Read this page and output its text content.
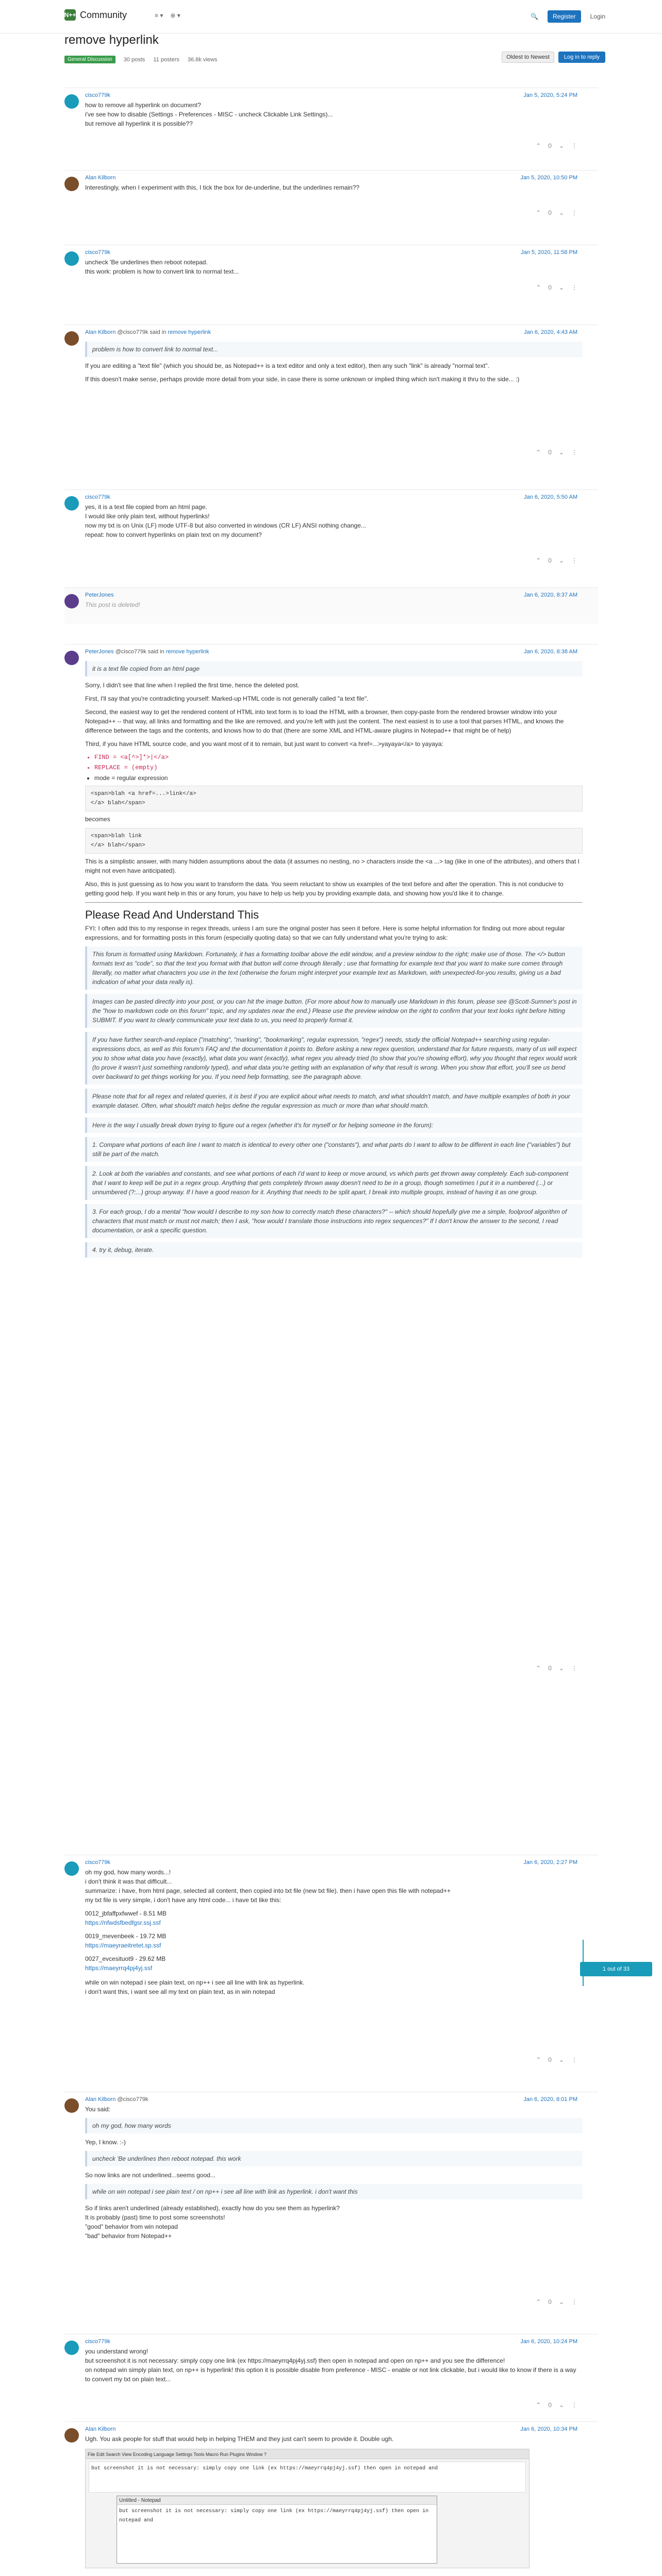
N++ Community	≡ ▾ ⊕ ▾	🔍	Register	Login
remove hyperlink
General Discussion	30 posts 11 posters 36.8k views	Oldest to Newest	Log in to reply
cisco779k	Jan 5, 2020, 5:24 PM
how to remove all hyperlink on document?
i've see how to disable (Settings - Preferences - MISC - uncheck Clickable Link Settings)...
but remove all hyperlink it is possible??
⌃ 0 ⌄ ⋮
Alan Kilborn	Jan 5, 2020, 10:50 PM
Interestingly, when I experiment with this, I tick the box for de-underline, but the underlines remain??
⌃ 0 ⌄ ⋮
cisco779k	Jan 5, 2020, 11:58 PM
uncheck 'Be underlines then reboot notepad.
this work: problem is how to convert link to normal text...
⌃ 0 ⌄ ⋮
Alan Kilborn @cisco779k said in remove hyperlink	Jan 6, 2020, 4:43 AM
problem is how to convert link to normal text...

If you are editing a "text file" (which you should be, as Notepad++ is a text editor and only a text editor), then any such "link" is already "normal text".

If this doesn't make sense, perhaps provide more detail from your side, in case there is some unknown or implied thing which isn't making it thru to the side... :)

⌃ 0 ⌄ ⋮
cisco779k	Jan 6, 2020, 5:50 AM
yes, it is a text file copied from an html page.
I would like only plain text, without hyperlinks!
now my txt is on Unix (LF) mode UTF-8 but also converted in windows (CR LF) ANSI nothing change...
repeat: how to convert hyperlinks on plain text on my document?
⌃ 0 ⌄ ⋮
PeterJones	Jan 6, 2020, 8:37 AM
This post is deleted!
PeterJones @cisco779k said in remove hyperlink	Jan 6, 2020, 8:38 AM
it is a text file copied from an html page

Sorry, I didn't see that line when I replied the first time, hence the deleted post.

First, I'll say that you're contradicting yourself: Marked-up HTML code is not generally called "a text file".

Second, the easiest way to get the rendered content of HTML into text form is to load the HTML with a browser, then copy-paste from the rendered browser window into your Notepad++ -- that way, all links and formatting and the like are removed, and you're left with just the content. The next easiest is to use a tool that parses HTML, and knows the difference between the tags and the contents, and knows how to do that (there are some XML and HTML-aware plugins in Notepad++ that might be of help)

Third, if you have HTML source code, and you want most of it to remain, but just want to convert <a href=...>yayaya</a> to yayaya:

• FIND = <a[^>]*>|</a>
• REPLACE = (empty)
• mode = regular expression
<span>blah <a href=...>link</a>
</a> blah</span>

becomes

<span>blah link
</a> blah</span>

This is a simplistic answer, with many hidden assumptions about the data (it assumes no nesting, no > characters inside the <a ...> tag (like in one of the attributes), and others that I might not even have anticipated).

Also, this is just guessing as to how you want to transform the data. You seem reluctant to show us examples of the text before and after the operation. This is not conducive to getting good help. If you want help in this or any forum, you have to help us help you by providing example data, and showing how you'd like it to change.

Please Read And Understand This

FYI: I often add this to my response in regex threads, unless I am sure the original poster has seen it before. Here is some helpful information for finding out more about regular expressions, and for formatting posts in this forum (especially quoting data) so that we can fully understand what you're trying to ask:

This forum is formatted using Markdown. Fortunately, it has a formatting toolbar above the edit window, and a preview window to the right; make use of those. The </> button formats text as "code", so that the text you format with that button will come through literally ; use that formatting for example text that you want to make sure comes through literally, no matter what characters you use in the text (otherwise the forum might interpret your example text as Markdown, with unexpected-for-you results, giving us a bad indication of what your data really is).
Images can be pasted directly into your post, or you can hit the image button. (For more about how to manually use Markdown in this forum, please see @Scott-Sumner's post in the "how to markdown code on this forum" topic, and my updates near the end.) Please use the preview window on the right to confirm that your text looks right before hitting SUBMIT. If you want to clearly communicate your text data to us, you need to properly format it.
If you have further search-and-replace ("matching", "marking", "bookmarking", regular expression, "regex") needs, study the official Notepad++ searching using regular-expressions docs, as well as this forum's FAQ and the documentation it points to. Before asking a new regex question, understand that for future requests, many of us will expect you to show what data you have (exactly), what data you want (exactly), what regex you already tried (to show that you're showing effort), why you thought that regex would work (to prove it wasn't just something randomly typed), and what data you're getting with an explanation of why that result is wrong. When you show that effort, you'll see us bend over backward to get things working for you. If you need help formatting, see the paragraph above.
Please note that for all regex and related queries, it is best if you are explicit about what needs to match, and what shouldn't match, and have multiple examples of both in your example dataset. Often, what should't match helps define the regular expression as much or more than what should match.
Here is the way I usually break down trying to figure out a regex (whether it's for myself or for helping someone in the forum):
1. Compare what portions of each line I want to match is identical to every other one ("constants"), and what parts do I want to allow to be different in each line ("variables") but still be part of the match.
2. Look at both the variables and constants, and see what portions of each I'd want to keep or move around, vs which parts get thrown away completely. Each sub-component that I want to keep will be put in a regex group. Anything that gets completely thrown away doesn't need to be in a group, though sometimes I put it in a numbered (...) or unnumbered (?:...) group anyway. If I have a good reason for it. Anything that needs to be split apart, I break into multiple groups, instead of having it as one group.
3. For each group, I do a mental "how would I describe to my son how to correctly match these characters?" -- which should hopefully give me a simple, foolproof algorithm of characters that must match or must not match; then I ask, "how would I translate those instructions into regex sequences?" If I don't know the answer to the second, I read documentation, or ask a specific question.
4. try it, debug, iterate.
⌃ 0 ⌄ ⋮
cisco779k	Jan 6, 2020, 2:27 PM
oh my god, how many words...!
i don't think it was that difficult...
summarize: i have, from html page, selected all content, then copied into txt file (new txt file). then i have open this file with notepad++
my txt file is very simple, i don't have any html code... i have txt like this:
0012_jbfaffpxfwwef - 8.51 MB
https://nfwdsfbedfgsr.ssj.ssf
0019_mevenbeek - 19.72 MB
https://maeyraeitretet.sp.ssf
0027_evcesituot9 - 29.62 MB
https://maeyrrq4pj4yj.ssf
while on win notepad i see plain text, on np++ i see all line with link as hyperlink.
i don't want this, i want see all my text on plain text, as in win notepad
⌃ 0 ⌄ ⋮
1 out of 33
Alan Kilborn @cisco779k	Jan 6, 2020, 8:01 PM

You said:

oh my god, how many words

Yep, I know. :-)

uncheck 'Be underlines then reboot notepad. this work

So now links are not underlined...seems good...

while on win notepad i see plain text / on np++ i see all line with link as hyperlink. i don't want this
So if links aren't underlined (already established), exactly how do you see them as hyperlink?
It is probably (past) time to post some screenshots!
"good" behavior from win notepad
"bad" behavior from Notepad++
⌃ 0 ⌄ ⋮
cisco779k	Jan 6, 2020, 10:24 PM
you understand wrong!
but screenshot it is not necessary: simply copy one link (ex https://maeyrrq4pj4yj.ssf) then open in notepad and open on np++ and you see the difference!
on notepad win simply plain text, on np++ is hyperlink! this option it is possible disable from preference - MISC - enable or not link clickable, but i would like to know if there is a way to convert my txt on plain text...
⌃ 0 ⌄ ⋮
Alan Kilborn	Jan 6, 2020, 10:34 PM
Ugh. You ask people for stuff that would help in helping THEM and they just can't seem to provide it. Double ugh.
File Edit Search View Encoding Language Settings Tools Macro Run Plugins Window ?
but screenshot it is not necessary: simply copy one link (ex https://maeyrrq4pj4yj.ssf) then open in notepad and
Untitled - Notepad
but screenshot it is not necessary: simply copy one link (ex https://maeyrrq4pj4yj.ssf) then open in notepad and
